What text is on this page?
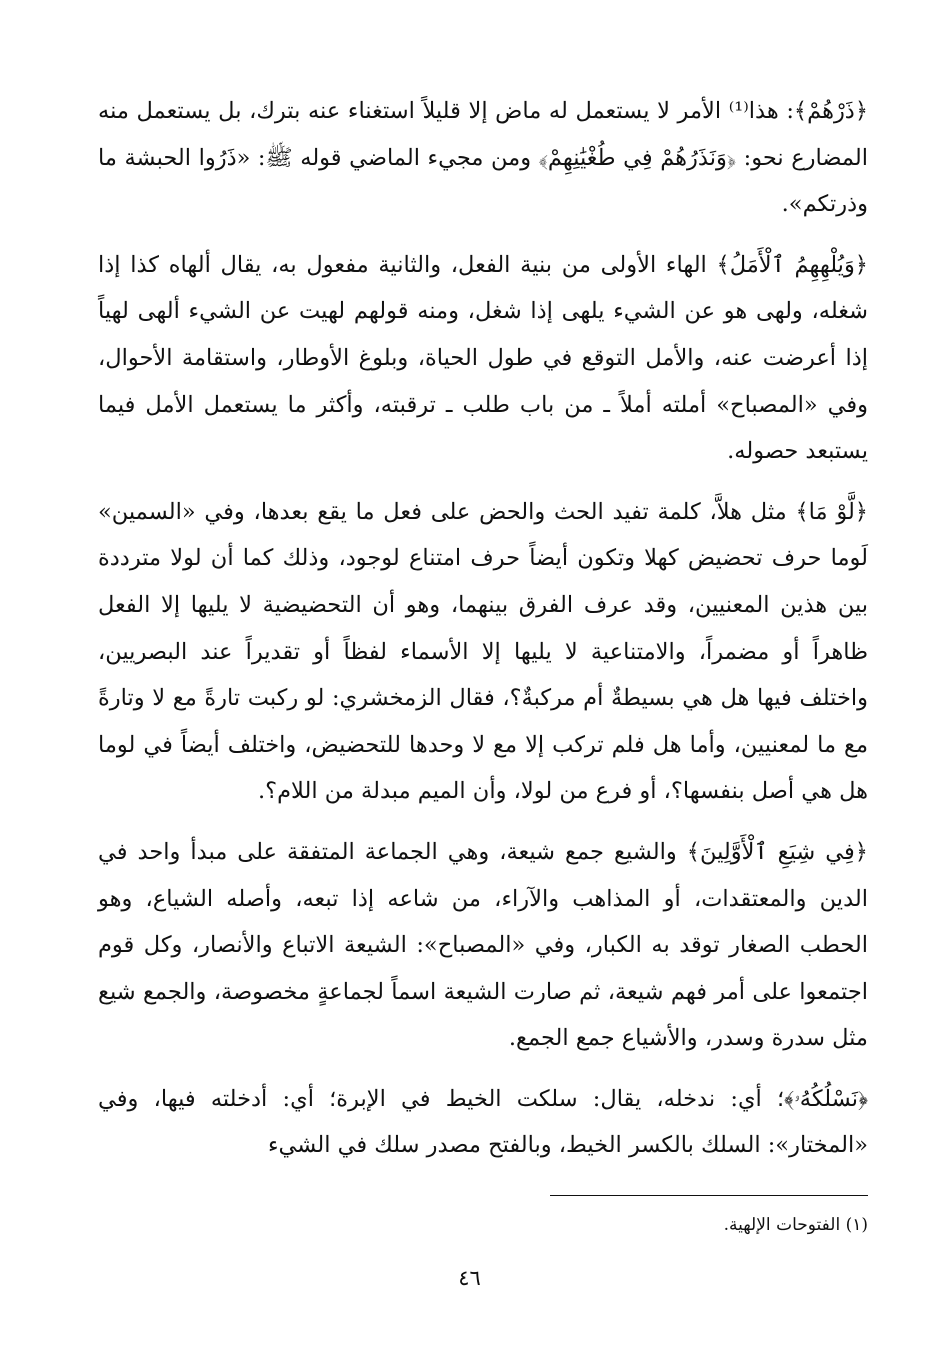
﴿ذَرْهُمْ﴾: هذا⁽¹⁾ الأمر لا يستعمل له ماض إلا قليلاً استغناء عنه بترك، بل يستعمل منه المضارع نحو: ﴿وَنَذَرُهُمْ فِي طُغْيَٰنِهِمْ﴾ ومن مجيء الماضي قوله ﷺ: «ذَرُوا الحبشة ما وذرتكم».

﴿وَيُلْهِهِمُ ٱلْأَمَلُ﴾ الهاء الأولى من بنية الفعل، والثانية مفعول به، يقال ألهاه كذا إذا شغله، ولهى هو عن الشيء يلهى إذا شغل، ومنه قولهم لهيت عن الشيء ألهى لهياً إذا أعرضت عنه، والأمل التوقع في طول الحياة، وبلوغ الأوطار، واستقامة الأحوال، وفي «المصباح» أملته أملاً ـ من باب طلب ـ ترقبته، وأكثر ما يستعمل الأمل فيما يستبعد حصوله.

﴿لَّوْ مَا﴾ مثل هلاَّ، كلمة تفيد الحث والحض على فعل ما يقع بعدها، وفي «السمين» لَوما حرف تحضيض كهلا وتكون أيضاً حرف امتناع لوجود، وذلك كما أن لولا مترددة بين هذين المعنيين، وقد عرف الفرق بينهما، وهو أن التحضيضية لا يليها إلا الفعل ظاهراً أو مضمراً، والامتناعية لا يليها إلا الأسماء لفظاً أو تقديراً عند البصريين، واختلف فيها هل هي بسيطةٌ أم مركبةٌ؟، فقال الزمخشري: لو ركبت تارةً مع لا وتارةً مع ما لمعنيين، وأما هل فلم تركب إلا مع لا وحدها للتحضيض، واختلف أيضاً في لوما هل هي أصل بنفسها؟، أو فرع من لولا، وأن الميم مبدلة من اللام؟.

﴿فِي شِيَعِ ٱلْأَوَّلِينَ﴾ والشيع جمع شيعة، وهي الجماعة المتفقة على مبدأ واحد في الدين والمعتقدات، أو المذاهب والآراء، من شاعه إذا تبعه، وأصله الشياع، وهو الحطب الصغار توقد به الكبار، وفي «المصباح»: الشيعة الاتباع والأنصار، وكل قوم اجتمعوا على أمر فهم شيعة، ثم صارت الشيعة اسماً لجماعةٍ مخصوصة، والجمع شيع مثل سدرة وسدر، والأشياع جمع الجمع.

﴿نَسْلُكُهُۥ﴾؛ أي: ندخله، يقال: سلكت الخيط في الإبرة؛ أي: أدخلته فيها، وفي «المختار»: السلك بالكسر الخيط، وبالفتح مصدر سلك في الشيء

(١) الفتوحات الإلهية.
٤٦
